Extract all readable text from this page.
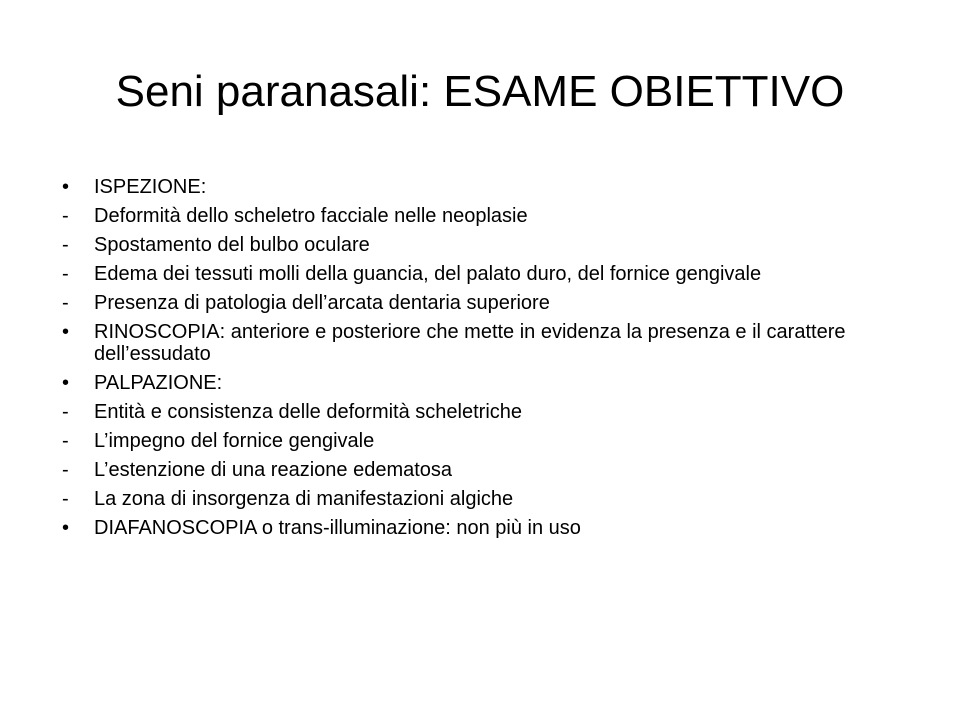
Seni paranasali: ESAME OBIETTIVO
•	ISPEZIONE:
-	Deformità dello scheletro facciale nelle neoplasie
-	Spostamento del bulbo oculare
-	Edema dei tessuti molli della guancia, del palato duro, del fornice gengivale
-	Presenza di patologia dell’arcata dentaria superiore
•	RINOSCOPIA: anteriore e posteriore che mette in evidenza la presenza e il carattere dell’essudato
•	PALPAZIONE:
-	Entità e consistenza delle deformità scheletriche
-	L’impegno del fornice gengivale
-	L’estenzione di una reazione edematosa
-	La zona di insorgenza di manifestazioni algiche
•	DIAFANOSCOPIA o trans-illuminazione: non più in uso
